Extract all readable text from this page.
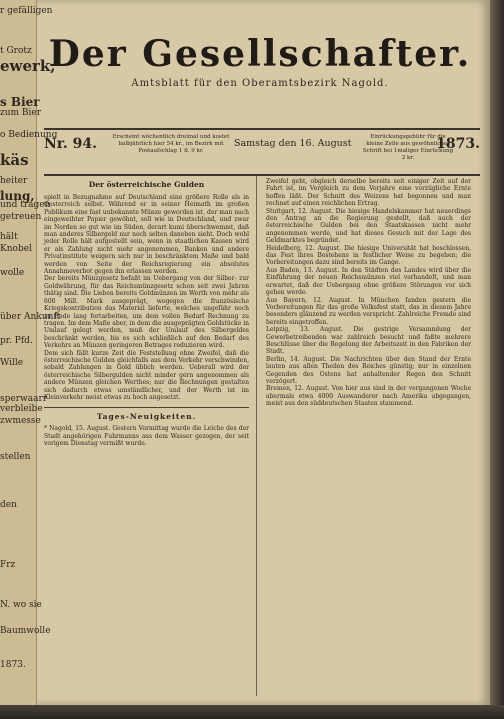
r gefälligen
t Grotz
ewerk,
s Bier
zum Bier
o Bedienung
käs
heiter
lung,
und tragen
getreuen
hält
Knobel
wolle
über Ankunft
pr. Pfd.
Wille
sperwaarr
verbleibe
zwmesse
stellen
den
Frz
N. wo sie
Baumwolle
1873.
Der Gesellschafter.
Amtsblatt für den Oberamtsbezirk Nagold.
Nr. 94.	Erscheint wöchentlich dreimal und kostet halbjährlich hier 54 kr., im Bezirk mit Postaufschlag 1 fl. 9 kr.
Samstag den 16. August
Einrückungsgebühr für die kleine Zeile aus gewöhnlicher Schrift bei 1maliger Einrückung 2 kr.
1873.
Der österreichische Gulden
spielt in Bezugnahme auf Deutschland eine größere Rolle als in Oesterreich selbst. Während er in seiner Heimath im großen Publikum eine fast unbekannte Münze geworden ist, der man nach eingeweihter Papier gewöhnt, soll wie in Deutschland, und zwar im Norden so gut wie im Süden, derart kumi überschwemmt, daß man anderes Silbergeld nur noch selten daneben sieht. Doch wohl jeder Rolle hält aufgestellt sein, wenn in staatlichen Kassen wird er als Zahlung nicht mehr angenommen, Banken und andere Privatinstitute weigern sich nur in beschränktem Maße und bald werden von Seite der Reichsregierung ein absolutes Annahmeverbot gegen ihn erlassen werden.
Der bereits Münzgesetz befaßt im Uebergang von der Silber- zur Goldwährung, für das Reichsmünzgesetz schon seit zwei Jahren thätig sind. Die Lieben bereits Goldmünzen im Werth von mehr als 600 Mill. Mark ausgeprägt, wogegen die französische Kriegskontribution das Material lieferte, welches ungefähr noch zu Ende lang fortarbeiten, um dem vollen Bedarf Rechnung zu tragen. Im dem Maße aber, in dem die ausgeprägten Goldstücke in Umlauf gelegt werden, muß der Umlauf des Silbergeldes beschränkt werden, bis es sich schließlich auf den Bedarf des Verkehrs an Münzen geringeren Betrages reduzieren wird.
Dem sich fällt kurze Zeit die Feststellung ohne Zweifel, daß die österreichische Gulden gleichfalls aus dem Verkehr verschwinden, sobald Zahlungen in Gold üblich werden. Ueberall wird der österreichische Silbergulden nicht minder gern angenommen als andere Münzen gleichen Werthes; nur die Rechnungen gestalten sich dadurch etwas umständlicher, und der Werth ist im Kleinverkehr meist etwas zu hoch angesetzt.
Tages-Neuigkeiten.
* Nagold, 15. August. Gestern Vormittag wurde die Leiche des der Stadt angehörigen Fuhrmanns aus dem Wasser gezogen, der seit vorigem Dienstag vermißt wurde.
Zweifel geht, obgleich derselbe bereits seit einiger Zeit auf der Fahrt ist, im Vergleich zu dem Vorjahre eine vorzügliche Ernte hoffen läßt. Der Schnitt des Weizens hat begonnen und man rechnet auf einen reichlichen Ertrag.
Stuttgart, 12. August. Die hiesige Handelskammer hat neuerdings den Antrag an die Regierung gestellt, daß auch der österreichische Gulden bei den Staatskassen nicht mehr angenommen werde, und hat dieses Gesuch mit der Lage des Geldmarktes begründet.
Heidelberg, 12. August. Die hiesige Universität hat beschlossen, das Fest ihres Bestehens in festlicher Weise zu begehen; die Vorbereitungen dazu sind bereits im Gange.
Aus Baden, 13. August. In den Städten des Landes wird über die Einführung der neuen Reichsmünzen viel verhandelt, und man erwartet, daß der Uebergang ohne größere Störungen vor sich gehen werde.
Aus Bayern, 12. August. In München fanden gestern die Vorbereitungen für das große Volksfest statt, das in diesem Jahre besonders glänzend zu werden verspricht. Zahlreiche Fremde sind bereits eingetroffen.
Leipzig, 13. August. Die gestrige Versammlung der Gewerbetreibenden war zahlreich besucht und faßte mehrere Beschlüsse über die Regelung der Arbeitszeit in den Fabriken der Stadt.
Berlin, 14. August. Die Nachrichten über den Stand der Ernte lauten aus allen Theilen des Reiches günstig; nur in einzelnen Gegenden des Ostens hat anhaltender Regen den Schnitt verzögert.
Bremen, 12. August. Von hier aus sind in der vergangenen Woche abermals etwa 4000 Auswanderer nach Amerika abgegangen, meist aus den süddeutschen Staaten stammend.
